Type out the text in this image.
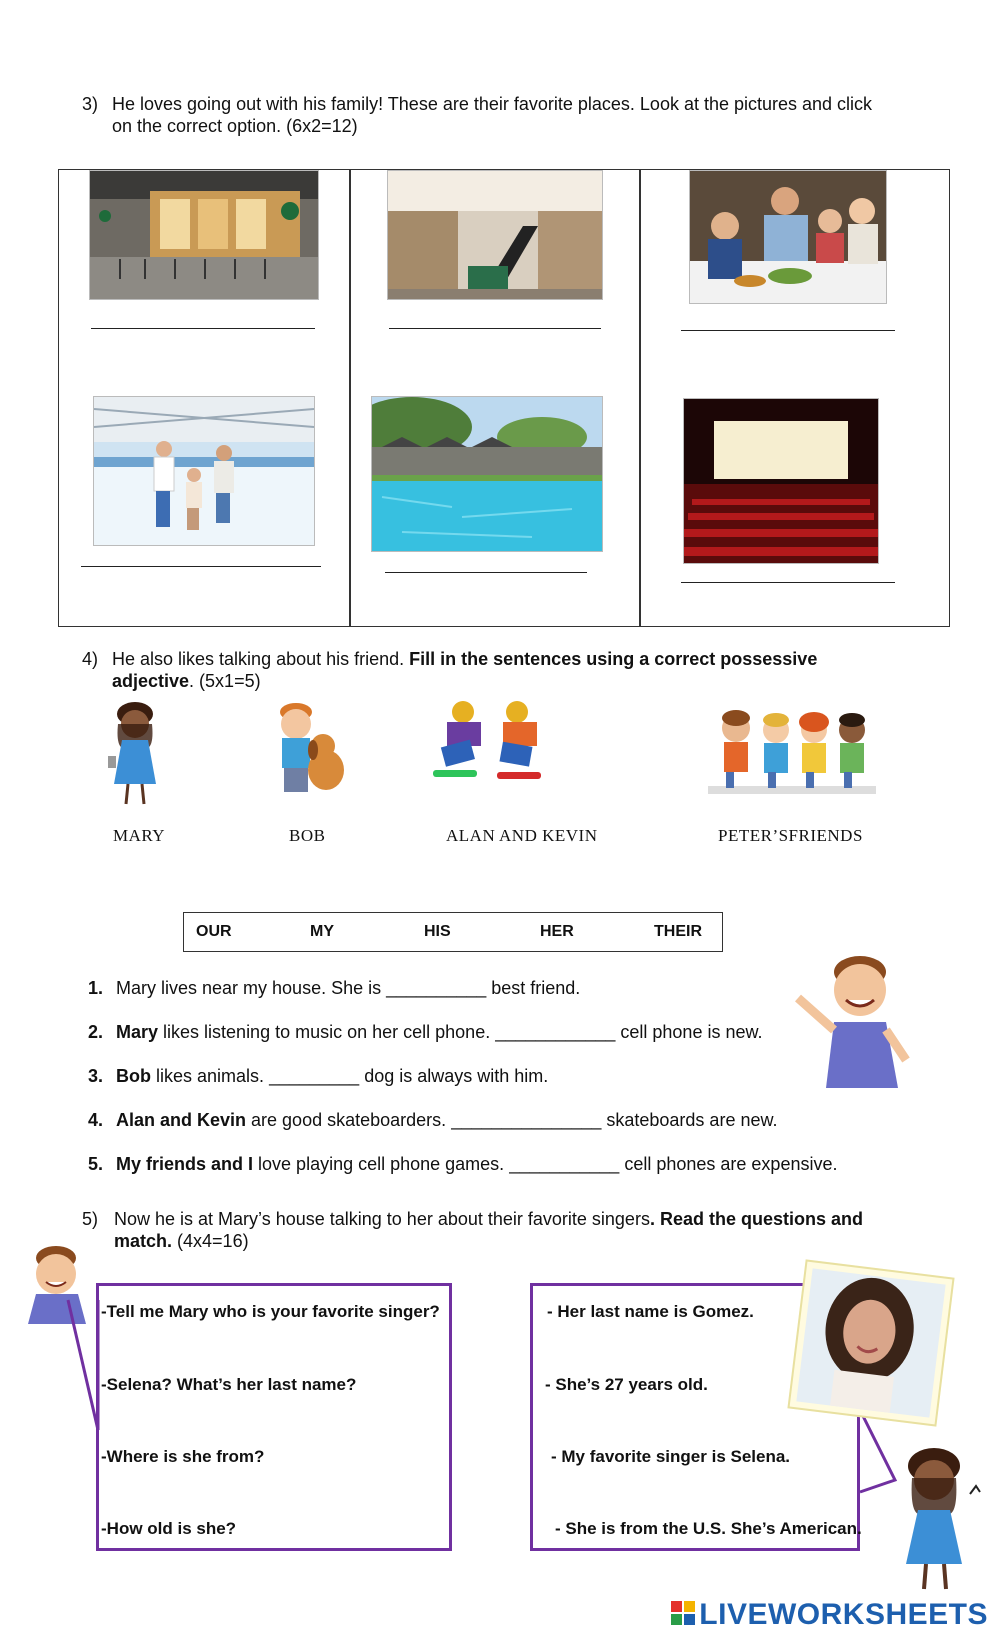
3) He loves going out with his family! These are their favorite places. Look at the pictures and click
on the correct option. (6x2=12)
4) He also likes talking about his friend. Fill in the sentences using a correct possessive
adjective. (5x1=5)
MARY	BOB	ALAN AND KEVIN	PETER’SFRIENDS
OUR	MY	HIS	HER	THEIR
1. Mary lives near my house. She is __________ best friend.
2. Mary likes listening to music on her cell phone. ____________ cell phone is new.
3. Bob likes animals. _________ dog is always with him.
4. Alan and Kevin are good skateboarders. _______________ skateboards are new.
5. My friends and I love playing cell phone games. ___________ cell phones are expensive.
5) Now he is at Mary’s house talking to her about their favorite singers. Read the questions and
match. (4x4=16)
-Tell me Mary who is your favorite singer?
-Selena? What’s her last name?
-Where is she from?
-How old is she?
- Her last name is Gomez.
- She’s 27 years old.
- My favorite singer is Selena.
- She is from the U.S. She’s American.
LIVEWORKSHEETS
